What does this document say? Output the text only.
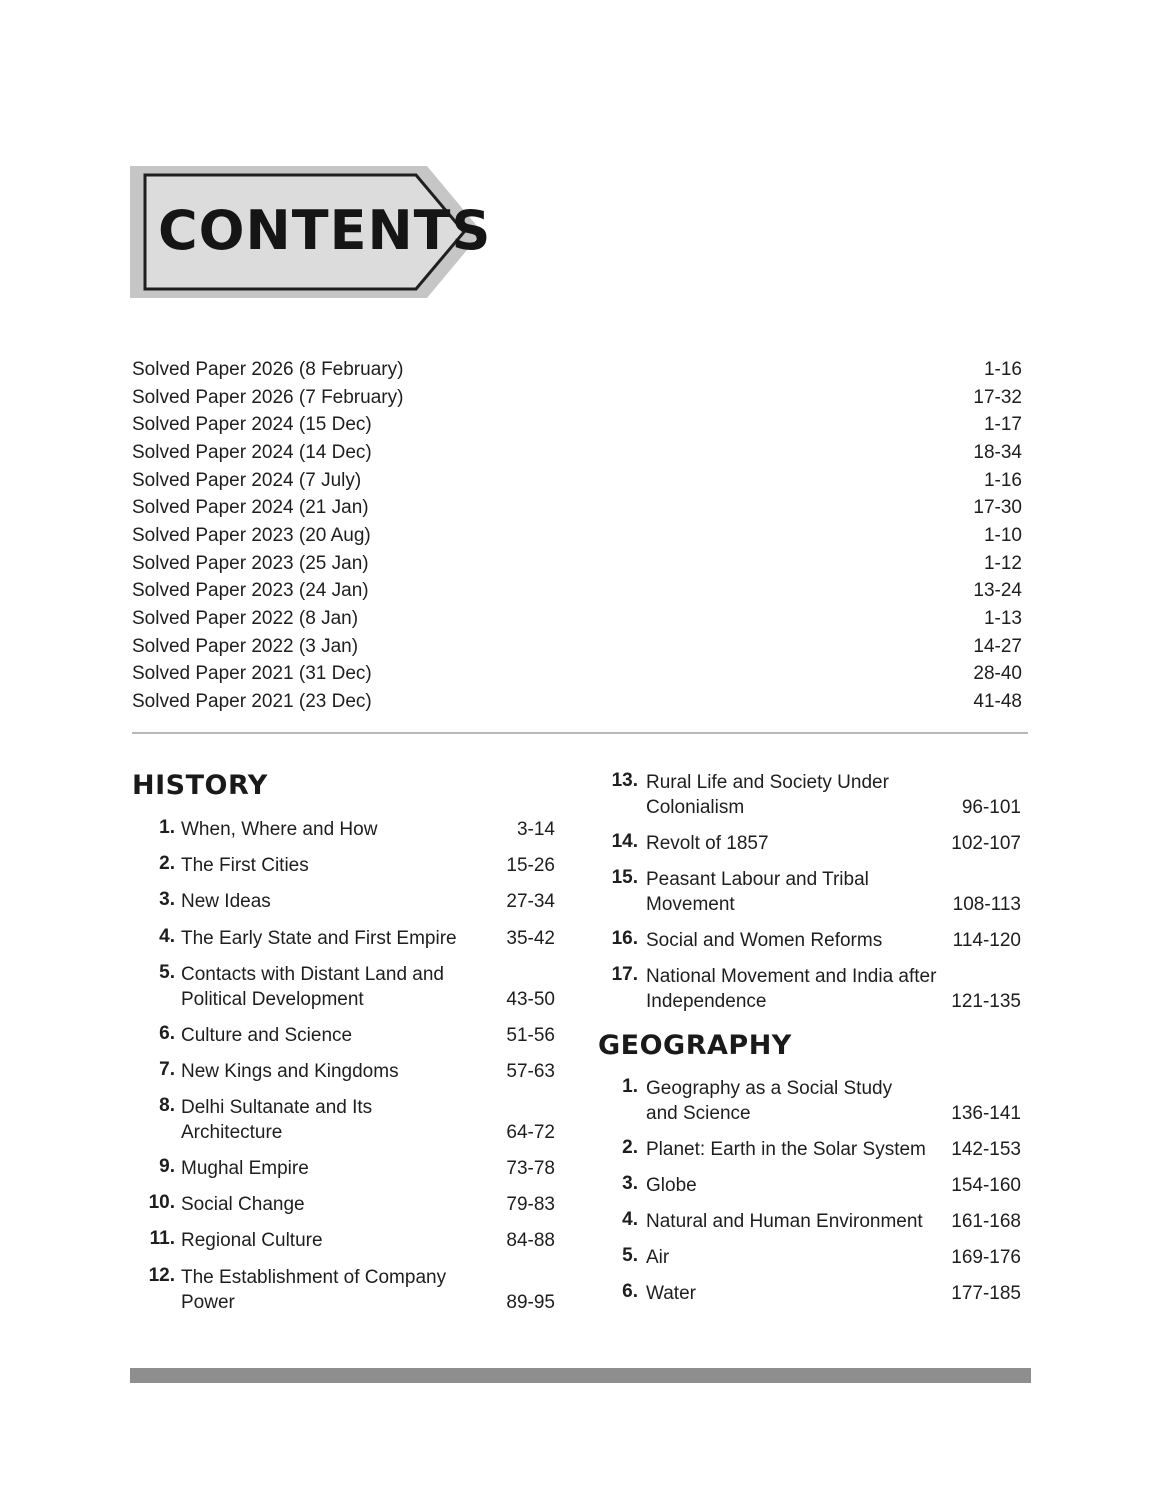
CONTENTS
Solved Paper 2026 (8 February)	1-16
Solved Paper 2026 (7 February)	17-32
Solved Paper 2024 (15 Dec)	1-17
Solved Paper 2024 (14 Dec)	18-34
Solved Paper 2024 (7 July)	1-16
Solved Paper 2024 (21 Jan)	17-30
Solved Paper 2023 (20 Aug)	1-10
Solved Paper 2023 (25 Jan)	1-12
Solved Paper 2023 (24 Jan)	13-24
Solved Paper 2022 (8 Jan)	1-13
Solved Paper 2022 (3 Jan)	14-27
Solved Paper 2021 (31 Dec)	28-40
Solved Paper 2021 (23 Dec)	41-48
HISTORY
GEOGRAPHY
1. When, Where and How	3-14
2. The First Cities	15-26
3. New Ideas	27-34
4. The Early State and First Empire	35-42
5. Contacts with Distant Land and
Political Development	43-50
6. Culture and Science	51-56
7. New Kings and Kingdoms	57-63
8. Delhi Sultanate and Its
Architecture	64-72
9. Mughal Empire	73-78
10. Social Change	79-83
11. Regional Culture	84-88
12. The Establishment of Company
Power	89-95
13. Rural Life and Society Under
Colonialism	96-101
14. Revolt of 1857	102-107
15. Peasant Labour and Tribal
Movement	108-113
16. Social and Women Reforms	114-120
17. National Movement and India after
Independence	121-135
1. Geography as a Social Study
and Science	136-141
2. Planet: Earth in the Solar System	142-153
3. Globe	154-160
4. Natural and Human Environment	161-168
5. Air	169-176
6. Water	177-185
